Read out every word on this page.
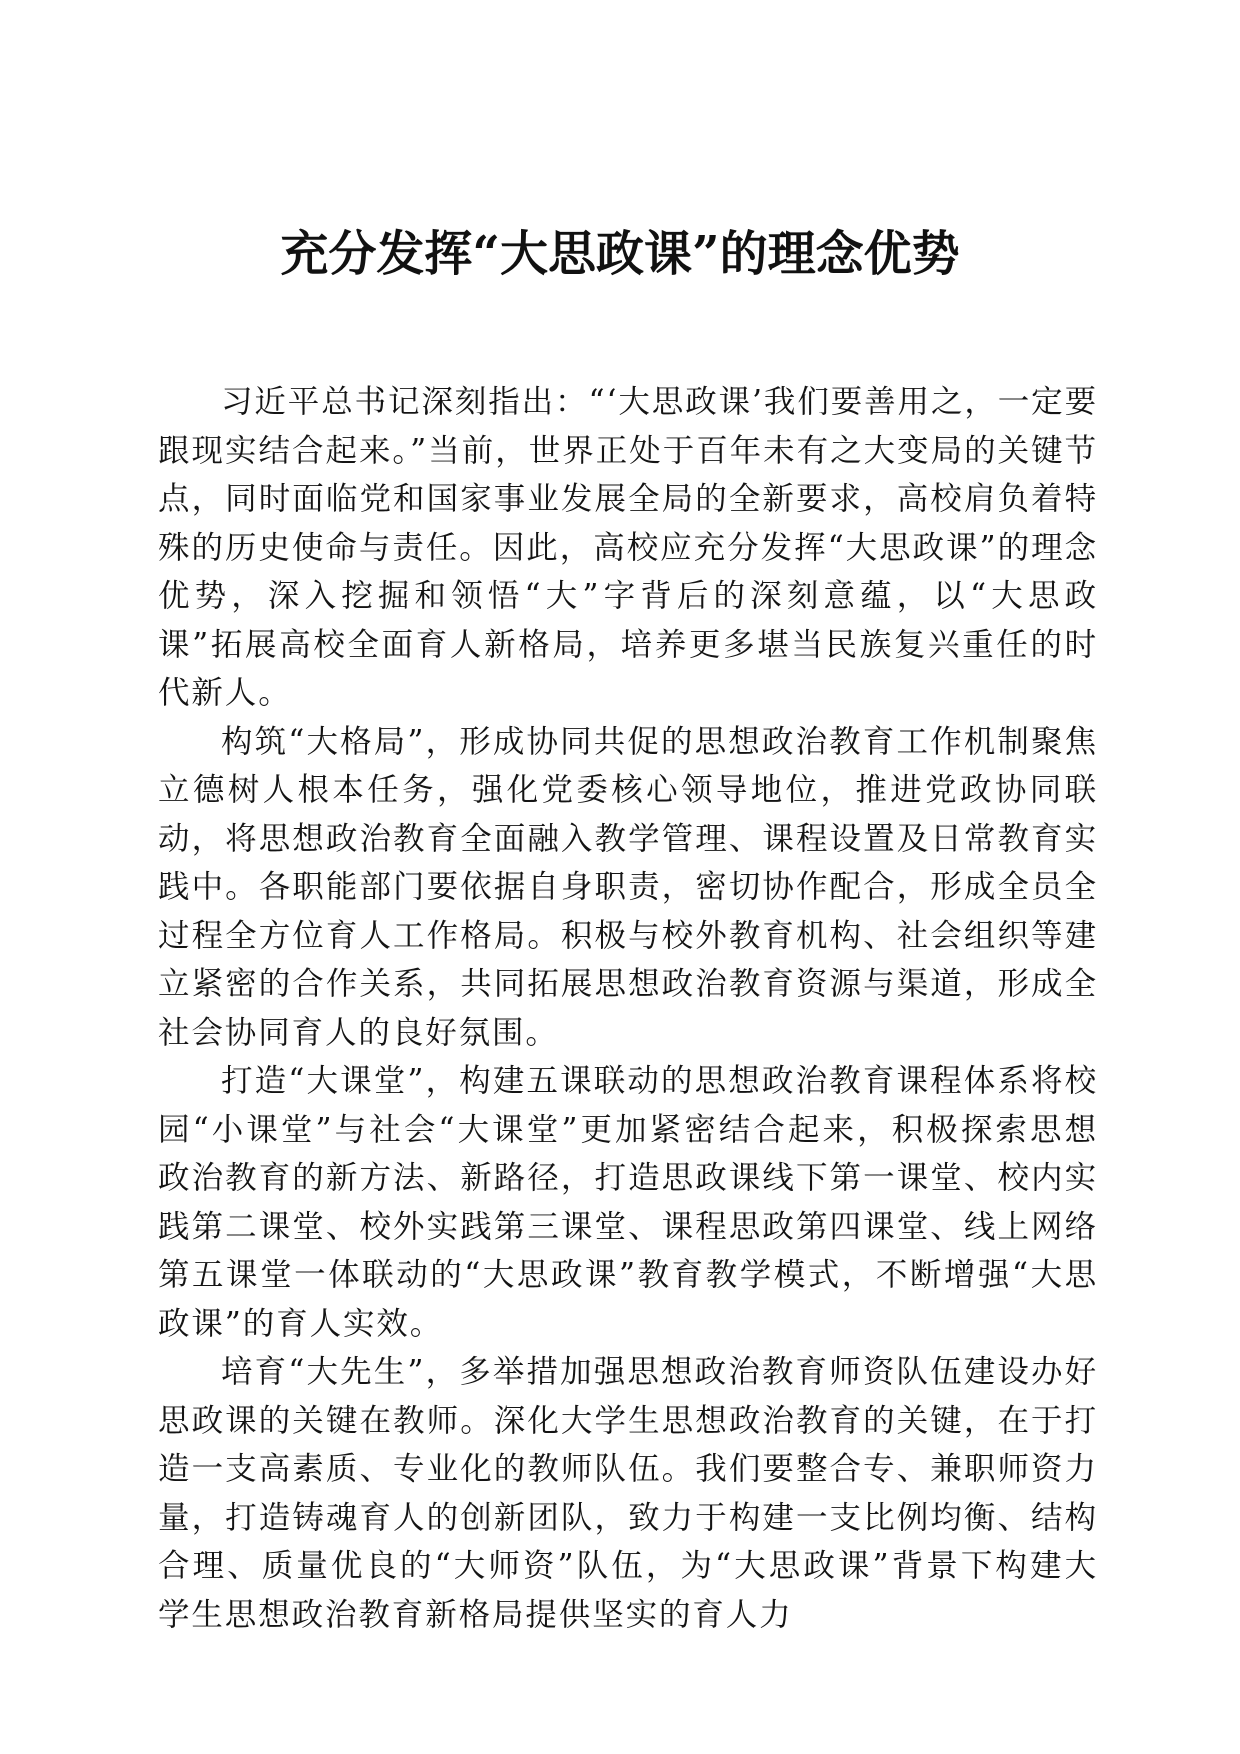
充分发挥“大思政课”的理念优势

习近平总书记深刻指出：“‘大思政课’我们要善用之，一定要跟现实结合起来。”当前，世界正处于百年未有之大变局的关键节点，同时面临党和国家事业发展全局的全新要求，高校肩负着特殊的历史使命与责任。因此，高校应充分发挥“大思政课”的理念优势，深入挖掘和领悟“大”字背后的深刻意蕴，以“大思政课”拓展高校全面育人新格局，培养更多堪当民族复兴重任的时代新人。

构筑“大格局”，形成协同共促的思想政治教育工作机制聚焦立德树人根本任务，强化党委核心领导地位，推进党政协同联动，将思想政治教育全面融入教学管理、课程设置及日常教育实践中。各职能部门要依据自身职责，密切协作配合，形成全员全过程全方位育人工作格局。积极与校外教育机构、社会组织等建立紧密的合作关系，共同拓展思想政治教育资源与渠道，形成全社会协同育人的良好氛围。

打造“大课堂”，构建五课联动的思想政治教育课程体系将校园“小课堂”与社会“大课堂”更加紧密结合起来，积极探索思想政治教育的新方法、新路径，打造思政课线下第一课堂、校内实践第二课堂、校外实践第三课堂、课程思政第四课堂、线上网络第五课堂一体联动的“大思政课”教育教学模式，不断增强“大思政课”的育人实效。

培育“大先生”，多举措加强思想政治教育师资队伍建设办好思政课的关键在教师。深化大学生思想政治教育的关键，在于打造一支高素质、专业化的教师队伍。我们要整合专、兼职师资力量，打造铸魂育人的创新团队，致力于构建一支比例均衡、结构合理、质量优良的“大师资”队伍，为“大思政课”背景下构建大学生思想政治教育新格局提供坚实的育人力
